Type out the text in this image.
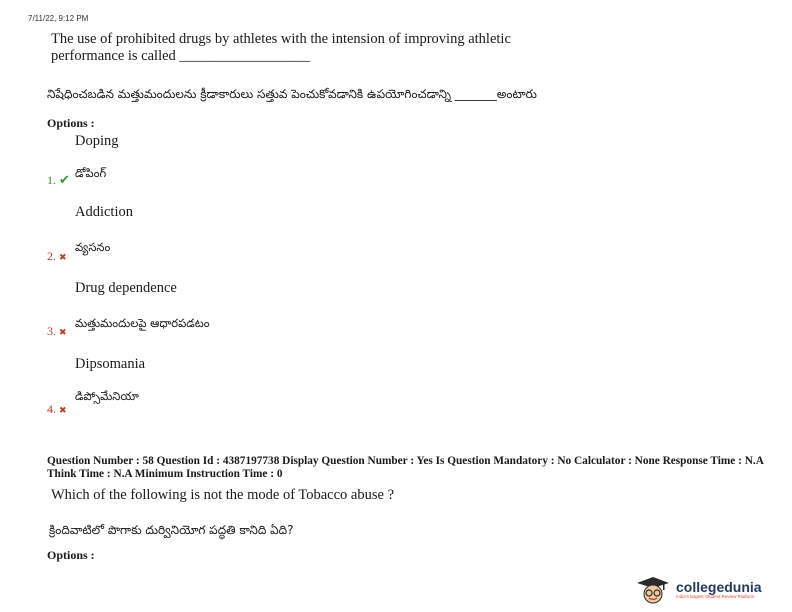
7/11/22, 9:12 PM
The use of prohibited drugs by athletes with the intension of improving athletic
performance is called __________________
నిషేధించబడిన మత్తుమందులను క్రీడాకారులు సత్తువ పెంచుకోవడానికి ఉపయోగించడాన్ని _______అంటారు
Options :
Doping
1. ✔ డోపింగ్
Addiction
2. ✖
వ్యసనం
Drug dependence
3. ✖
మత్తుమందులపై ఆధారపడటం
Dipsomania
4. ✖
డిప్సోమేనియా
Question Number : 58 Question Id : 4387197738 Display Question Number : Yes Is Question Mandatory : No Calculator : None Response Time : N.A Think Time : N.A Minimum Instruction Time : 0
Which of the following is not the mode of Tobacco abuse ?
క్రిందివాటిలో పొగాకు దుర్వినియోగ పద్ధతి కానిది ఏది?
Options :
collegedunia
India's largest Student Review Platform
